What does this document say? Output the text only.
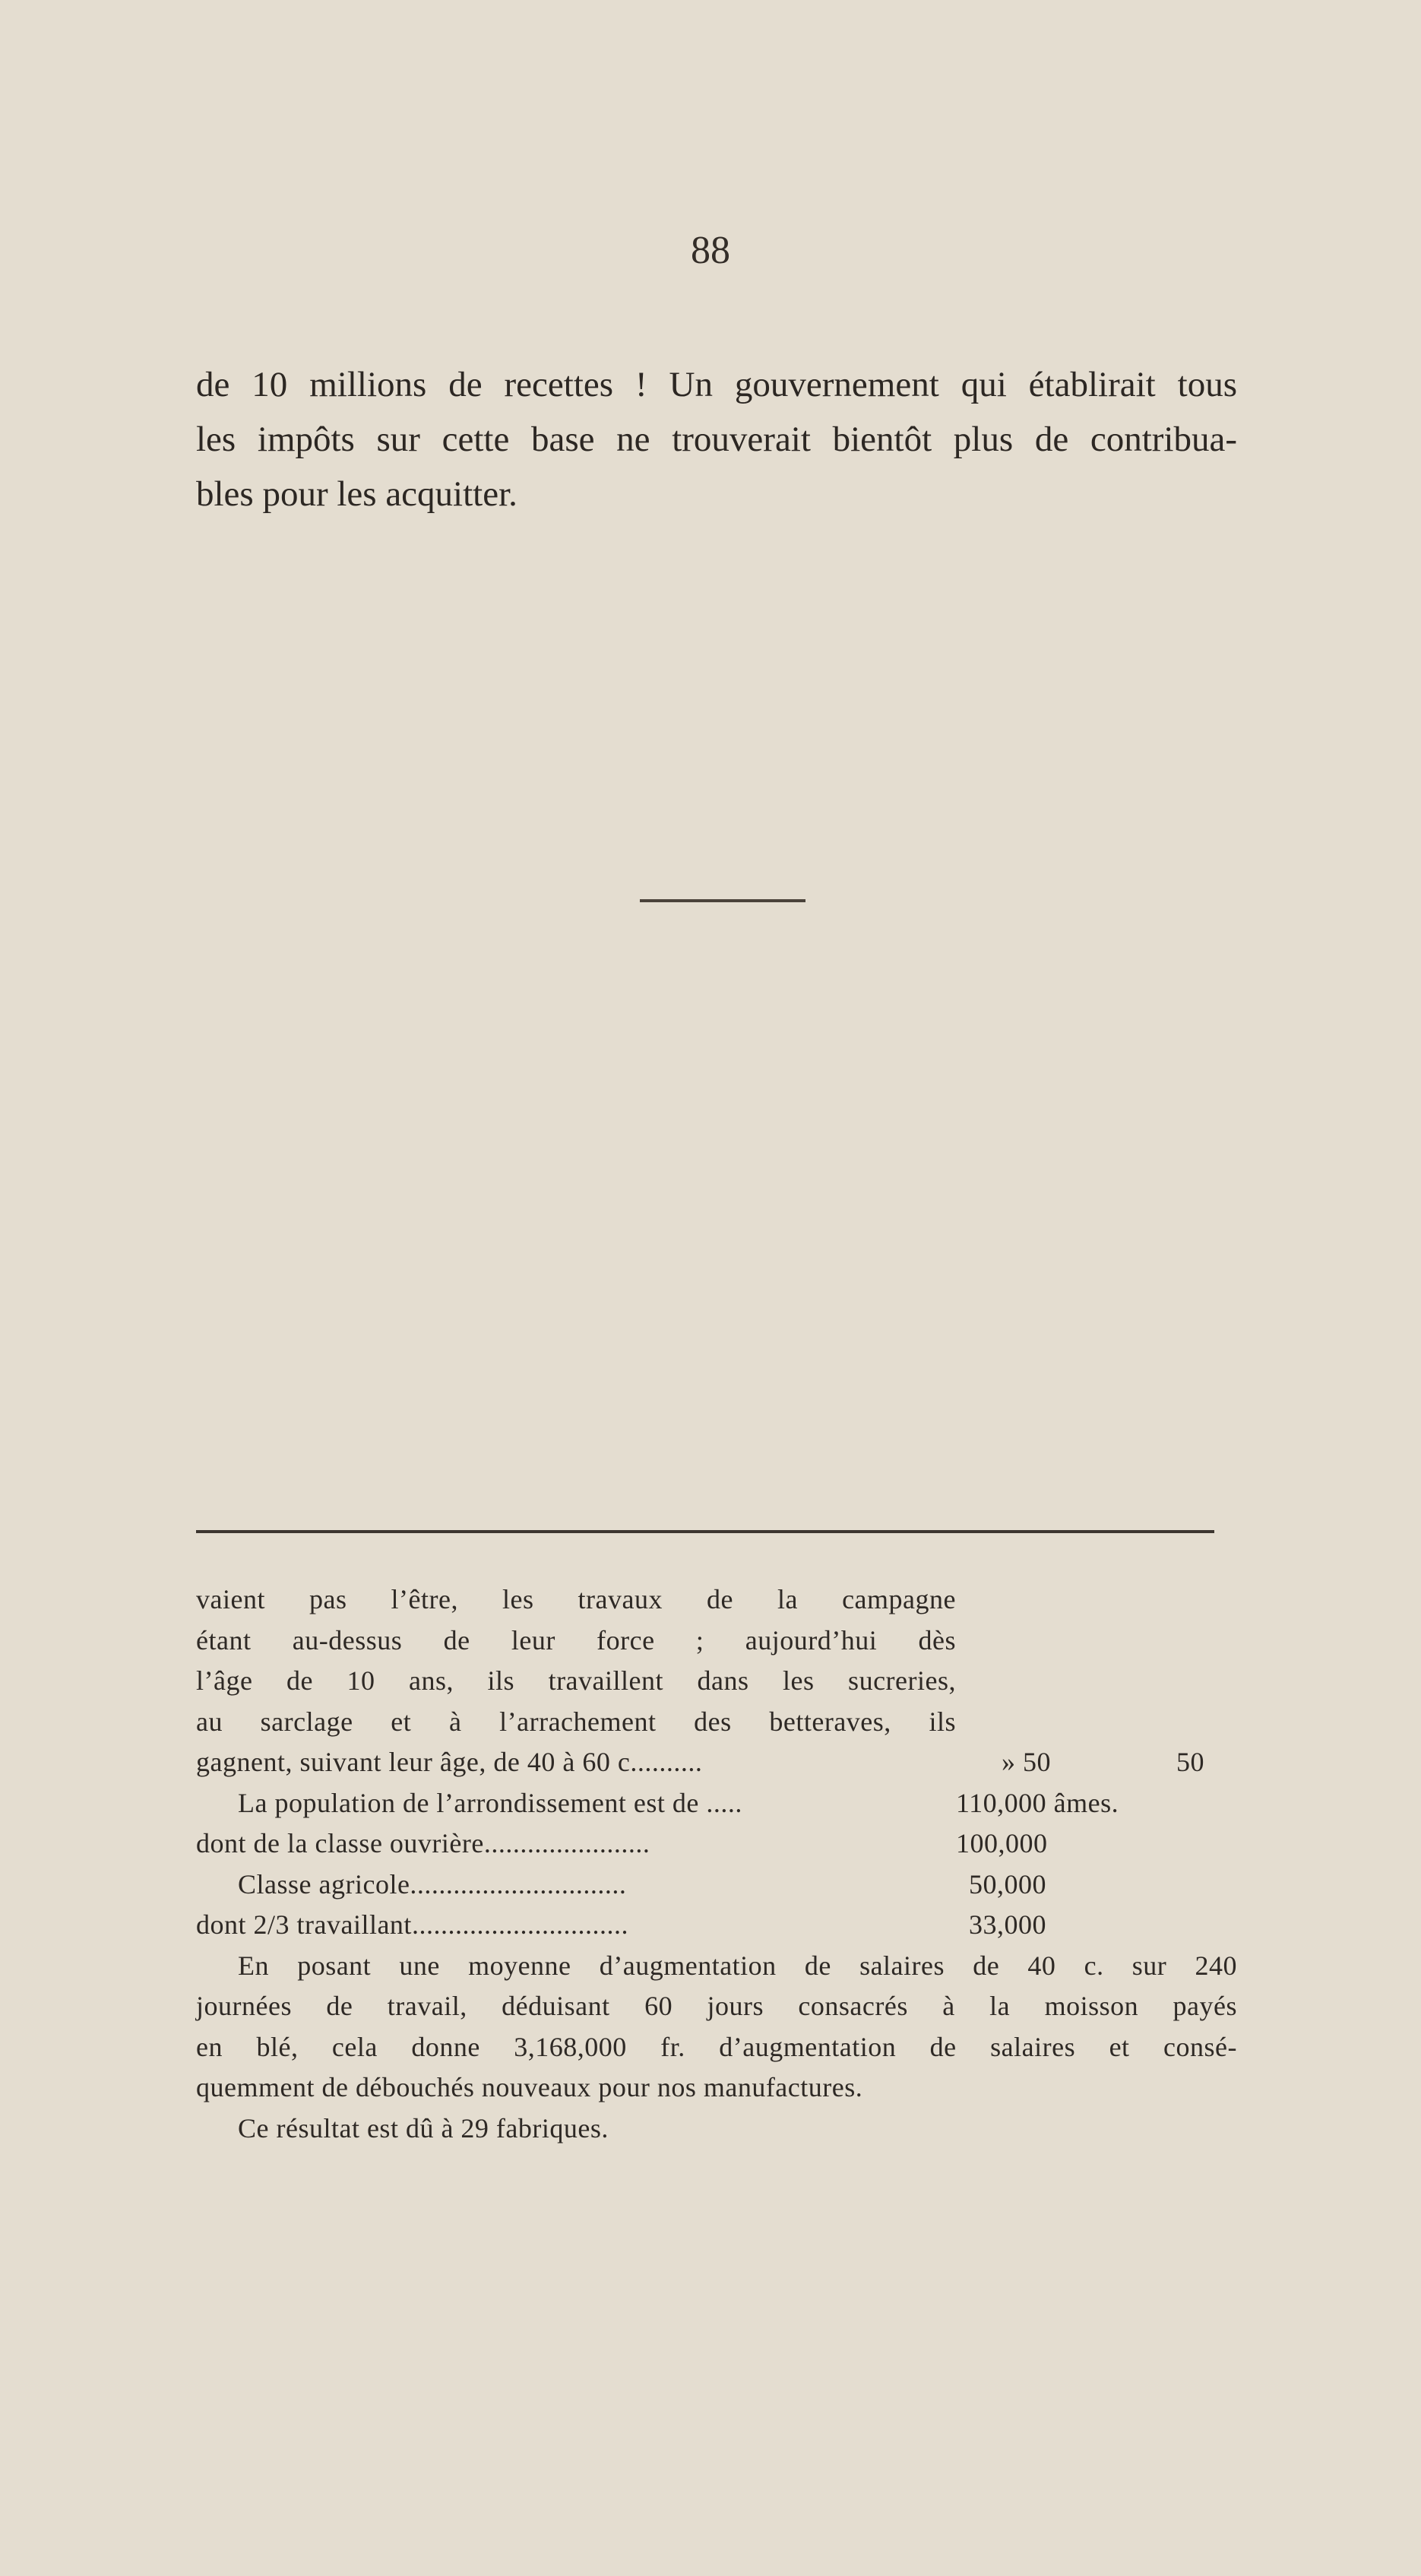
88
de 10 millions de recettes ! Un gouvernement qui établirait tous
les impôts sur cette base ne trouverait bientôt plus de contribua-
bles pour les acquitter.
vaient pas l’être, les travaux de la campagne
étant au-dessus de leur force ; aujourd’hui dès
l’âge de 10 ans, ils travaillent dans les sucreries,
au sarclage et à l’arrachement des betteraves, ils
gagnent, suivant leur âge, de 40 à 60 c..........	» 50	50
La population de l’arrondissement est de .....	110,000 âmes.
dont de la classe ouvrière.......................	100,000
Classe agricole..............................	50,000
dont 2/3 travaillant..............................	33,000
En posant une moyenne d’augmentation de salaires de 40 c. sur 240
journées de travail, déduisant 60 jours consacrés à la moisson payés
en blé, cela donne 3,168,000 fr. d’augmentation de salaires et consé-
quemment de débouchés nouveaux pour nos manufactures.
Ce résultat est dû à 29 fabriques.
